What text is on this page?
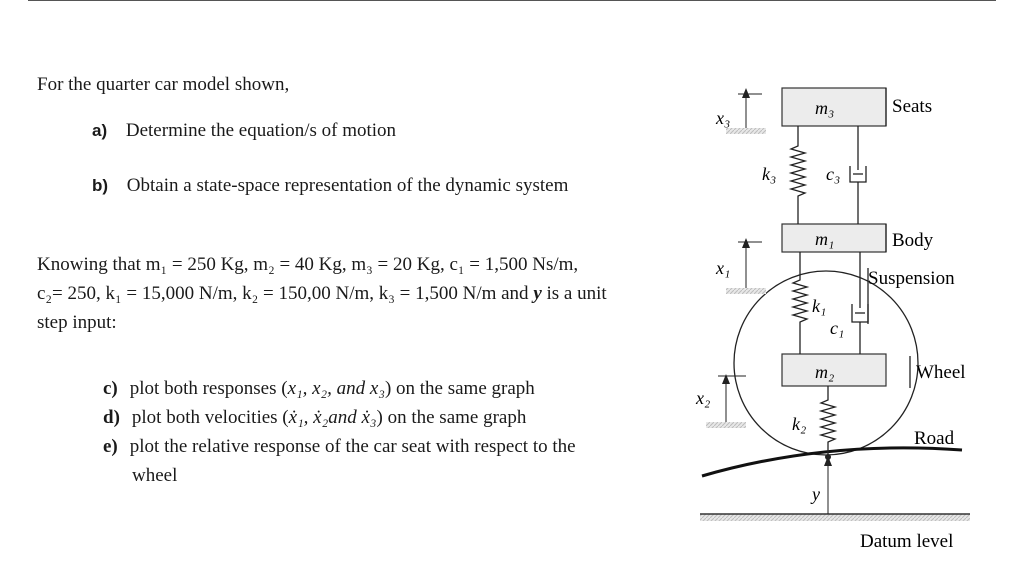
For the quarter car model shown,
a) Determine the equation/s of motion
b) Obtain a state-space representation of the dynamic system
Knowing that m₁ = 250 Kg, m₂ = 40 Kg, m₃ = 20 Kg, c₁ = 1,500 Ns/m,
c₂= 250, k₁ = 15,000 N/m, k₂ = 150,00 N/m, k₃ = 1,500 N/m and y is a unit
step input:
c) plot both responses (x₁, x₂, and x₃) on the same graph
d) plot both velocities (ẋ₁, ẋ₂and ẋ₃) on the same graph
e) plot the relative response of the car seat with respect to the
wheel
y
m₃
m₁
m₂
k₃	c₃
k₁
c₁
k₂
x₃
x₁
x₂
Seats
Body
Suspension
Wheel
Road
Datum level
